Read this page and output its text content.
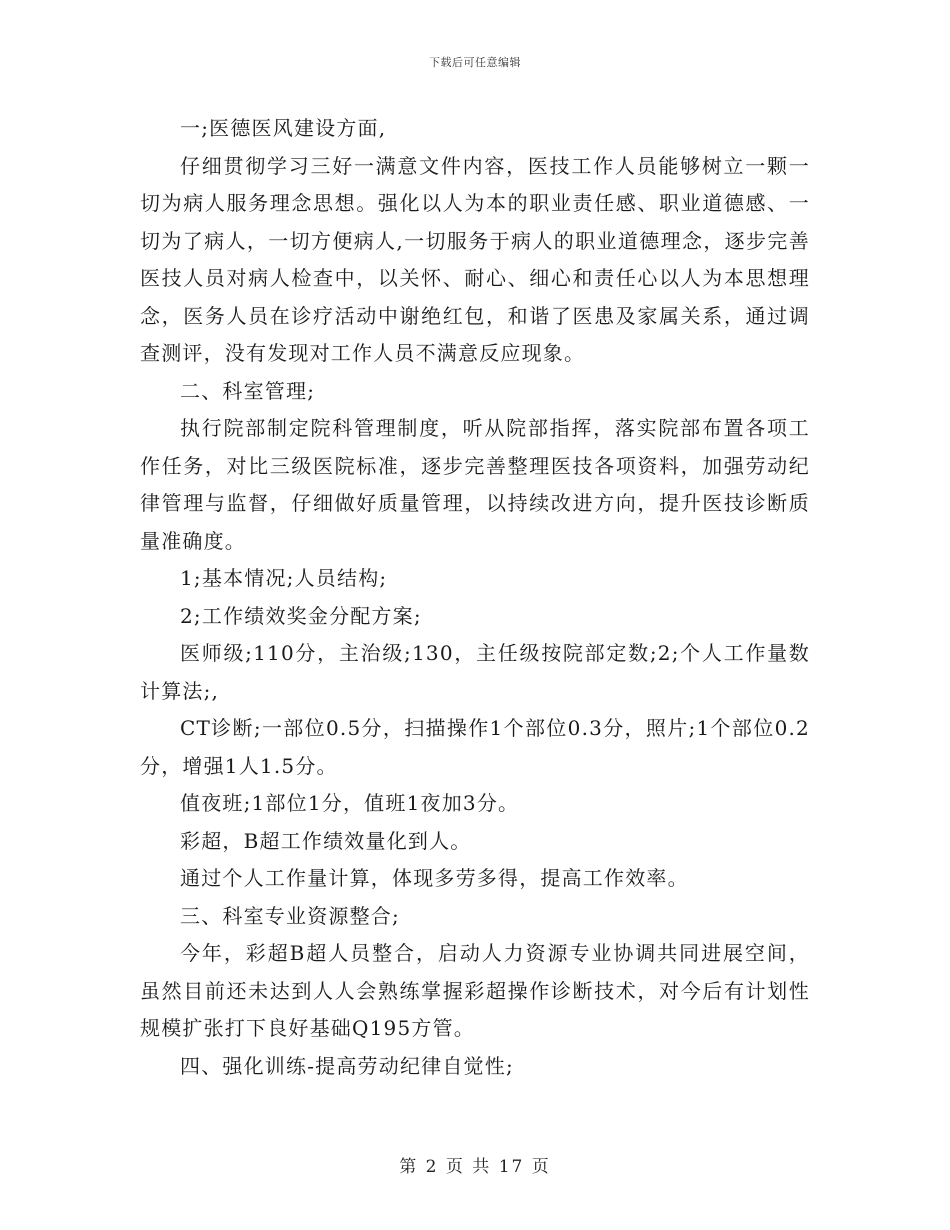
下载后可任意编辑

一;医德医风建设方面,

仔细贯彻学习三好一满意文件内容，医技工作人员能够树立一颗一切为病人服务理念思想。强化以人为本的职业责任感、职业道德感、一切为了病人，一切方便病人,一切服务于病人的职业道德理念，逐步完善医技人员对病人检查中，以关怀、耐心、细心和责任心以人为本思想理念，医务人员在诊疗活动中谢绝红包，和谐了医患及家属关系，通过调查测评，没有发现对工作人员不满意反应现象。

二、科室管理;

执行院部制定院科管理制度，听从院部指挥，落实院部布置各项工作任务，对比三级医院标准，逐步完善整理医技各项资料，加强劳动纪律管理与监督，仔细做好质量管理，以持续改进方向，提升医技诊断质量准确度。

1;基本情况;人员结构;

2;工作绩效奖金分配方案;

医师级;110分，主治级;130，主任级按院部定数;2;个人工作量数计算法;,

CT诊断;一部位0.5分，扫描操作1个部位0.3分，照片;1个部位0.2分，增强1人1.5分。

值夜班;1部位1分，值班1夜加3分。

彩超，B超工作绩效量化到人。

通过个人工作量计算，体现多劳多得，提高工作效率。

三、科室专业资源整合;

今年，彩超B超人员整合，启动人力资源专业协调共同进展空间，虽然目前还未达到人人会熟练掌握彩超操作诊断技术，对今后有计划性规模扩张打下良好基础Q195方管。

四、强化训练-提高劳动纪律自觉性;

第 2 页 共 17 页
